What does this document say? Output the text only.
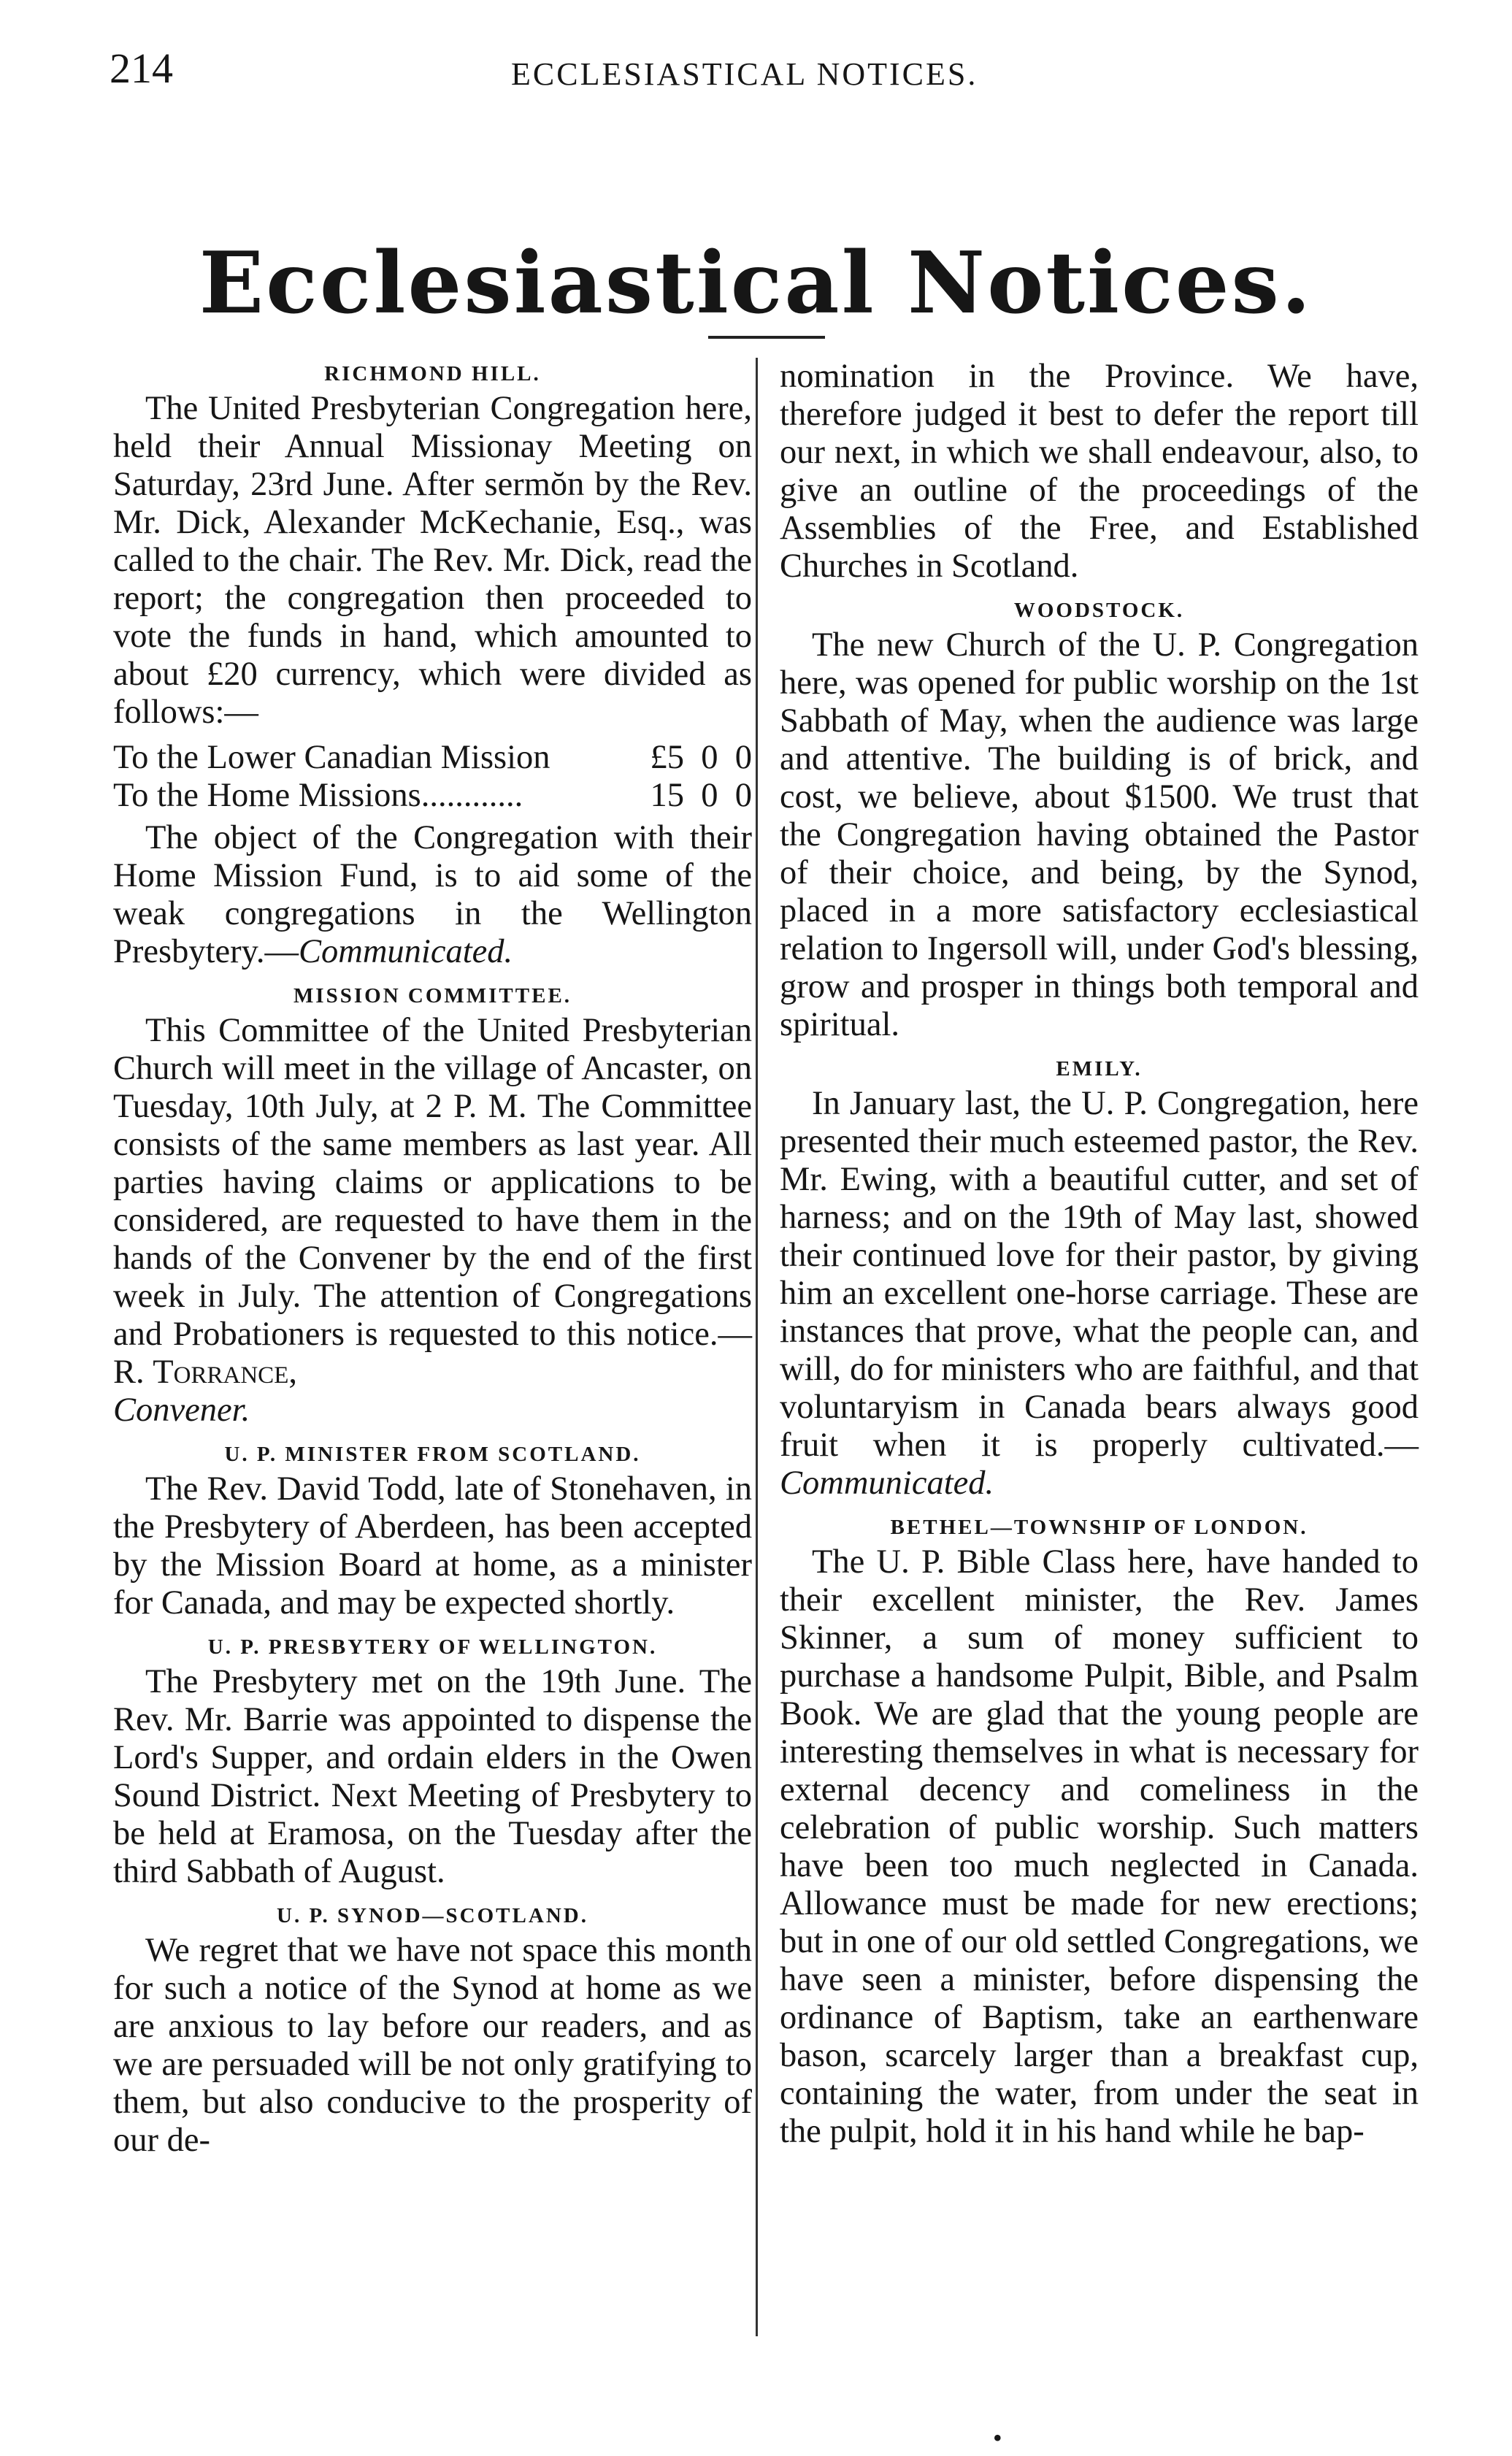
214	ECCLESIASTICAL NOTICES.
Ecclesiastical Notices.
RICHMOND HILL.

The United Presbyterian Congregation here, held their Annual Missionay Meeting on Saturday, 23rd June. After sermŏn by the Rev. Mr. Dick, Alexander McKechanie, Esq., was called to the chair. The Rev. Mr. Dick, read the report; the congregation then proceeded to vote the funds in hand, which amounted to about £20 currency, which were divided as follows:—

To the Lower Canadian Mission	£5  0  0
To the Home Missions............	15  0  0

The object of the Congregation with their Home Mission Fund, is to aid some of the weak congregations in the Wellington Presbytery.—Communicated.

MISSION COMMITTEE.

This Committee of the United Presbyterian Church will meet in the village of Ancaster, on Tuesday, 10th July, at 2 P. M. The Committee consists of the same members as last year. All parties having claims or applications to be considered, are requested to have them in the hands of the Convener by the end of the first week in July. The attention of Congregations and Probationers is requested to this notice.—R. Torrance,
Convener.

U. P. MINISTER FROM SCOTLAND.

The Rev. David Todd, late of Stonehaven, in the Presbytery of Aberdeen, has been accepted by the Mission Board at home, as a minister for Canada, and may be expected shortly.

U. P. PRESBYTERY OF WELLINGTON.

The Presbytery met on the 19th June. The Rev. Mr. Barrie was appointed to dispense the Lord's Supper, and ordain elders in the Owen Sound District. Next Meeting of Presbytery to be held at Eramosa, on the Tuesday after the third Sabbath of August.

U. P. SYNOD—SCOTLAND.

We regret that we have not space this month for such a notice of the Synod at home as we are anxious to lay before our readers, and as we are persuaded will be not only gratifying to them, but also conducive to the prosperity of our de-

nomination in the Province. We have, therefore judged it best to defer the report till our next, in which we shall endeavour, also, to give an outline of the proceedings of the Assemblies of the Free, and Established Churches in Scotland.

WOODSTOCK.

The new Church of the U. P. Congregation here, was opened for public worship on the 1st Sabbath of May, when the audience was large and attentive. The building is of brick, and cost, we believe, about $1500. We trust that the Congregation having obtained the Pastor of their choice, and being, by the Synod, placed in a more satisfactory ecclesiastical relation to Ingersoll will, under God's blessing, grow and prosper in things both temporal and spiritual.

EMILY.

In January last, the U. P. Congregation, here presented their much esteemed pastor, the Rev. Mr. Ewing, with a beautiful cutter, and set of harness; and on the 19th of May last, showed their continued love for their pastor, by giving him an excellent one-horse carriage. These are instances that prove, what the people can, and will, do for ministers who are faithful, and that voluntaryism in Canada bears always good fruit when it is properly cultivated.—Communicated.

BETHEL—TOWNSHIP OF LONDON.

The U. P. Bible Class here, have handed to their excellent minister, the Rev. James Skinner, a sum of money sufficient to purchase a handsome Pulpit, Bible, and Psalm Book. We are glad that the young people are interesting themselves in what is necessary for external decency and comeliness in the celebration of public worship. Such matters have been too much neglected in Canada. Allowance must be made for new erections; but in one of our old settled Congregations, we have seen a minister, before dispensing the ordinance of Baptism, take an earthenware bason, scarcely larger than a breakfast cup, containing the water, from under the seat in the pulpit, hold it in his hand while he bap-

•
